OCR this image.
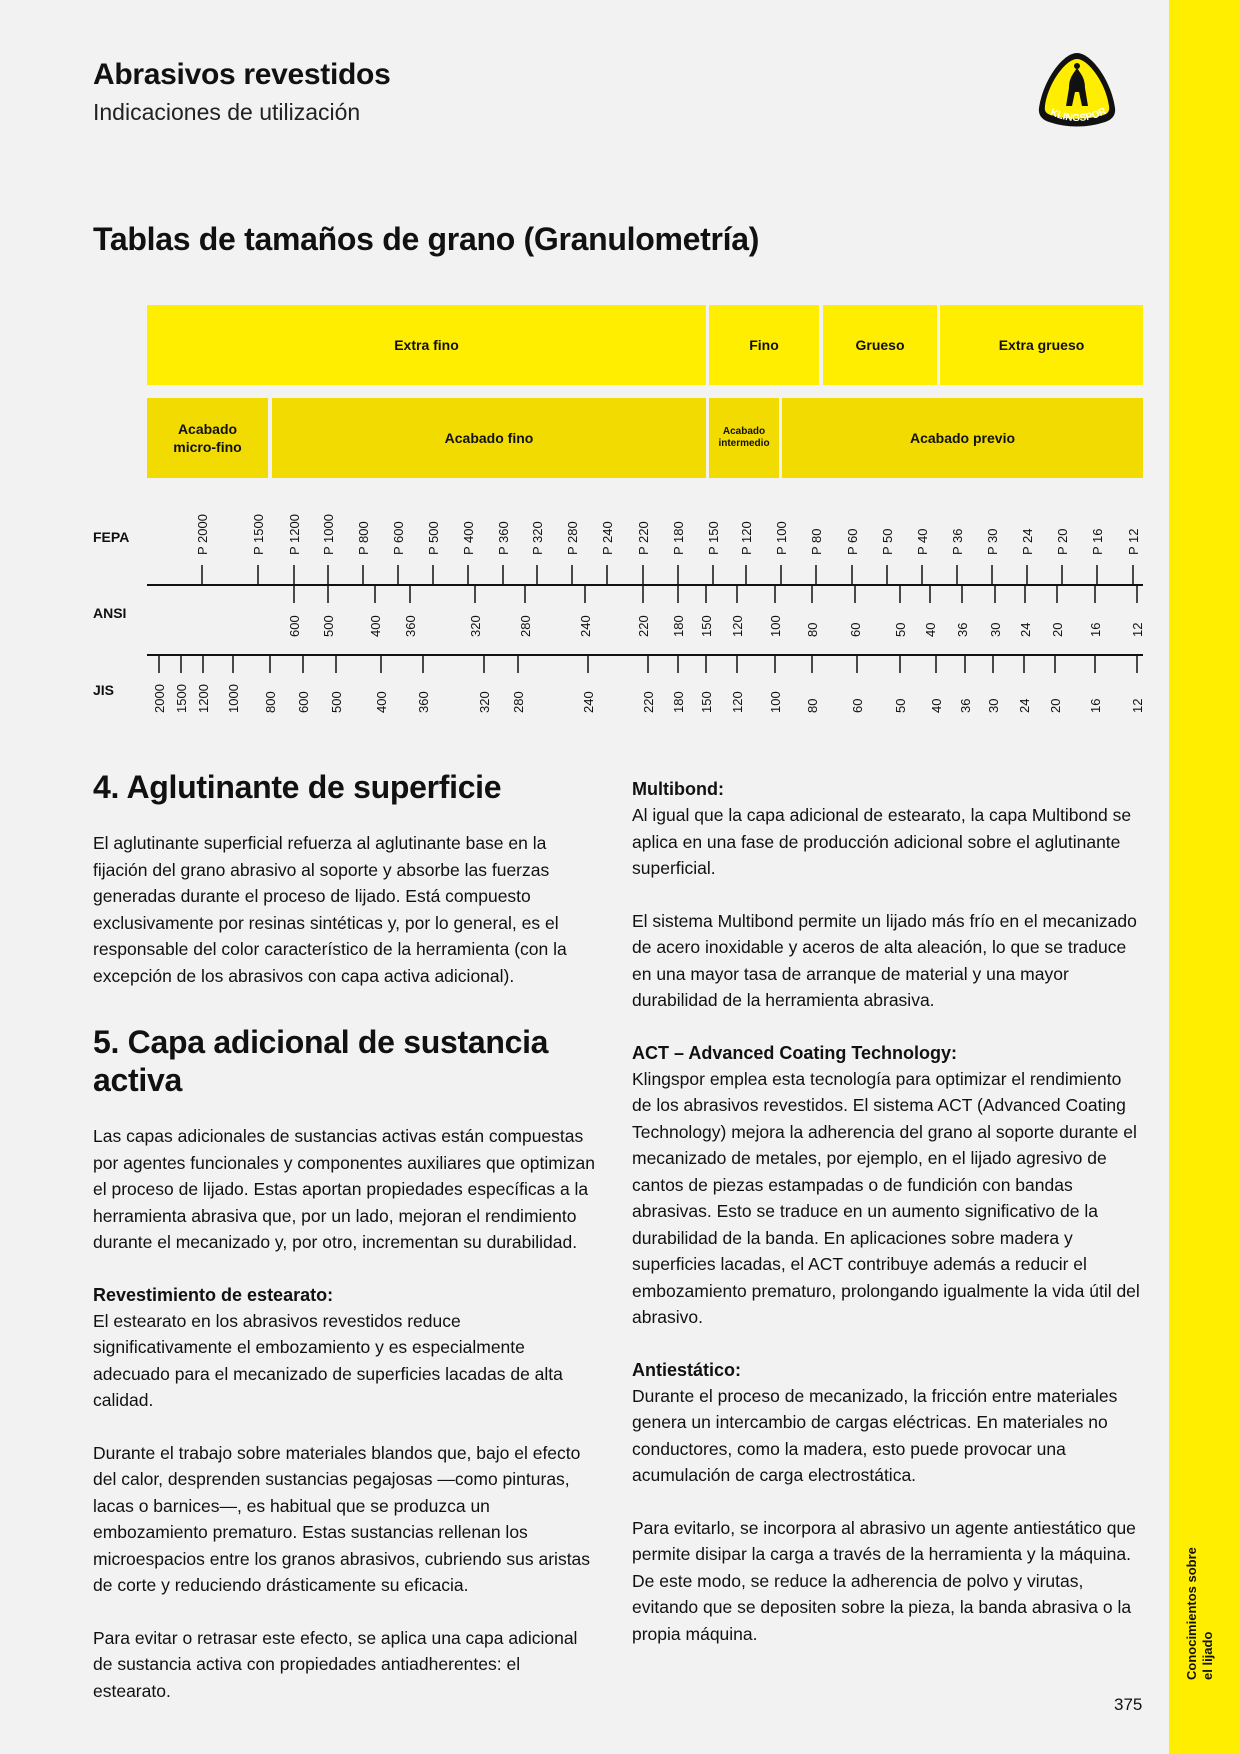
Conocimientos sobre el lijado
Abrasivos revestidos

Indicaciones de utilización	KLINGSPOR
Tablas de tamaños de grano (Granulometría)
Extra fino	Fino	Grueso	Extra grueso
Acabado micro-fino
Acabado fino	Acabado intermedio	Acabado previo
FEPA
ANSI
JIS
P 2000	P 1500 P 1200 P 1000 P 800 P 600 P 500 P 400 P 360 P 320 P 280 P 240 P 220 P 180 P 150 P 120 P 100 P 80 P 60 P 50 P 40 P 36 P 30 P 24 P 20 P 16 P 12
600 500 400 360	320	280	240	220 180 150 120 100 80 60 50 40 36 30 24 20 16 12
2000 1500 1200 1000 800 600 500 400 360	320 280	240	220 180 150 120 100 80 60 50 40 36 30 24 20 16 12
4. Aglutinante de superficie

El aglutinante superficial refuerza al aglutinante base en la fijación del grano abrasivo al soporte y absorbe las fuerzas generadas durante el proceso de lijado. Está compuesto exclusivamente por resinas sintéticas y, por lo general, es el responsable del color característico de la herramienta (con la excepción de los abrasivos con capa activa adicional).

5. Capa adicional de sustancia activa

Las capas adicionales de sustancias activas están compuestas por agentes funcionales y componentes auxiliares que optimizan el proceso de lijado. Estas aportan propiedades específicas a la herramienta abrasiva que, por un lado, mejoran el rendimiento durante el mecanizado y, por otro, incrementan su durabilidad.

Revestimiento de estearato:

El estearato en los abrasivos revestidos reduce significativamente el embozamiento y es especialmente adecuado para el mecanizado de superficies lacadas de alta calidad.

Durante el trabajo sobre materiales blandos que, bajo el efecto del calor, desprenden sustancias pegajosas —como pinturas, lacas o barnices—, es habitual que se produzca un embozamiento prematuro. Estas sustancias rellenan los microespacios entre los granos abrasivos, cubriendo sus aristas de corte y reduciendo drásticamente su eficacia.

Para evitar o retrasar este efecto, se aplica una capa adicional de sustancia activa con propiedades antiadherentes: el estearato.

Multibond:

Al igual que la capa adicional de estearato, la capa Multibond se aplica en una fase de producción adicional sobre el aglutinante superficial.

El sistema Multibond permite un lijado más frío en el mecanizado de acero inoxidable y aceros de alta aleación, lo que se traduce en una mayor tasa de arranque de material y una mayor durabilidad de la herramienta abrasiva.

ACT – Advanced Coating Technology:

Klingspor emplea esta tecnología para optimizar el rendimiento de los abrasivos revestidos. El sistema ACT (Advanced Coating Technology) mejora la adherencia del grano al soporte durante el mecanizado de metales, por ejemplo, en el lijado agresivo de cantos de piezas estampadas o de fundición con bandas abrasivas. Esto se traduce en un aumento significativo de la durabilidad de la banda. En aplicaciones sobre madera y superficies lacadas, el ACT contribuye además a reducir el embozamiento prematuro, prolongando igualmente la vida útil del abrasivo.

Antiestático:

Durante el proceso de mecanizado, la fricción entre materiales genera un intercambio de cargas eléctricas. En materiales no conductores, como la madera, esto puede provocar una acumulación de carga electrostática.

Para evitarlo, se incorpora al abrasivo un agente antiestático que permite disipar la carga a través de la herramienta y la máquina. De este modo, se reduce la adherencia de polvo y virutas, evitando que se depositen sobre la pieza, la banda abrasiva o la propia máquina.

375
